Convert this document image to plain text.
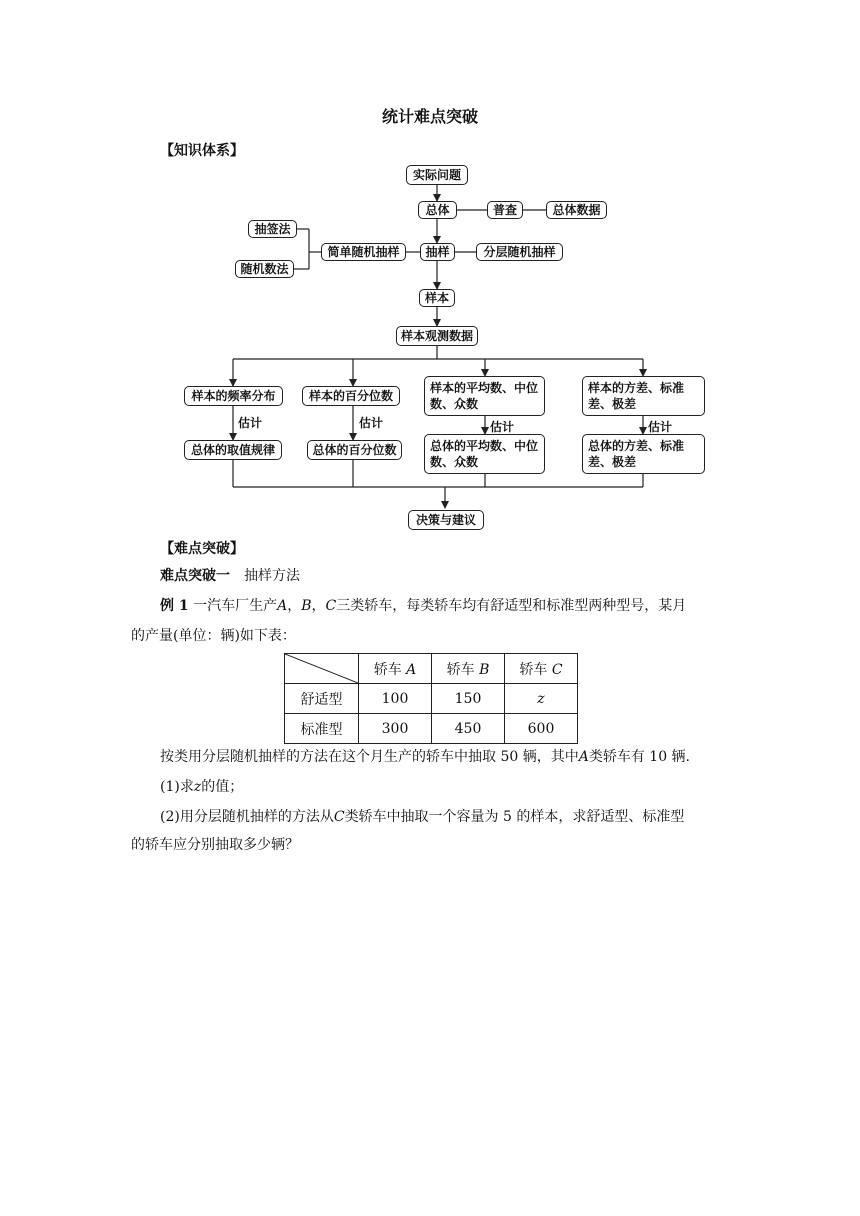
统计难点突破
【知识体系】
实际问题
总体	普查	总体数据
抽签法
随机数法
简单随机抽样	抽样	分层随机抽样
样本
样本观测数据
样本的频率分布	样本的百分位数
样本的平均数、中位数、众数
样本的方差、标准差、极差
估计	估计	估计	估计
总体的取值规律	总体的百分位数	总体的平均数、中位数、众数
总体的方差、标准差、极差
决策与建议
【难点突破】
难点突破一 抽样方法
例 1 一汽车厂生产A，B，C三类轿车，每类轿车均有舒适型和标准型两种型号，某月
的产量(单位：辆)如下表：
	轿车 A	轿车 B	轿车 C
舒适型	100	150	z
标准型	300	450	600
按类用分层随机抽样的方法在这个月生产的轿车中抽取 50 辆，其中A类轿车有 10 辆.
(1)求z的值；
(2)用分层随机抽样的方法从C类轿车中抽取一个容量为 5 的样本，求舒适型、标准型
的轿车应分别抽取多少辆？
